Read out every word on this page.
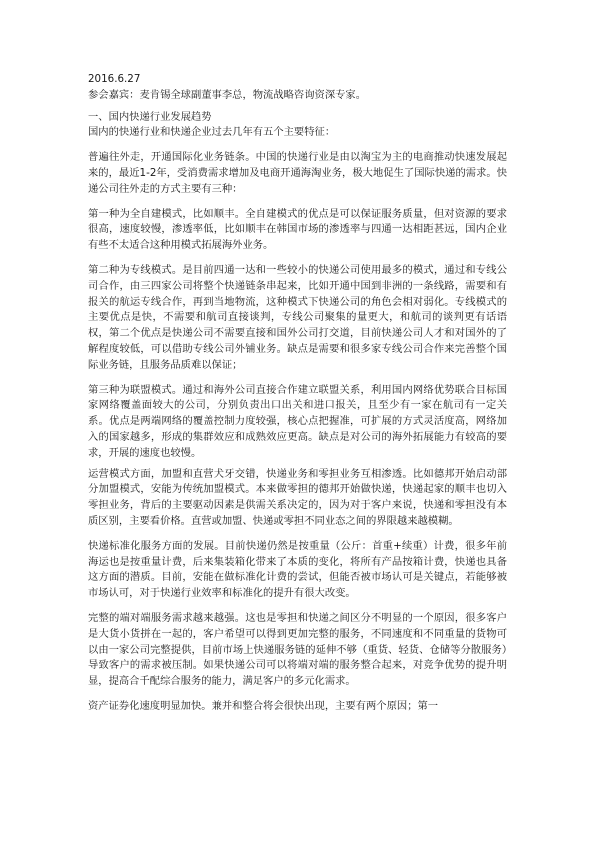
2016.6.27

参会嘉宾：麦肯锡全球副董事李总，物流战略咨询资深专家。

一、国内快递行业发展趋势

国内的快递行业和快递企业过去几年有五个主要特征：

普遍往外走，开通国际化业务链条。中国的快递行业是由以淘宝为主的电商推动快速发展起来的，最近1-2年，受消费需求增加及电商开通海淘业务，极大地促生了国际快递的需求。快递公司往外走的方式主要有三种：

第一种为全自建模式，比如顺丰。全自建模式的优点是可以保证服务质量，但对资源的要求很高，速度较慢，渗透率低，比如顺丰在韩国市场的渗透率与四通一达相距甚远，国内企业有些不太适合这种用模式拓展海外业务。

第二种为专线模式。是目前四通一达和一些较小的快递公司使用最多的模式，通过和专线公司合作，由三四家公司将整个快递链条串起来，比如开通中国到非洲的一条线路，需要和有报关的航运专线合作，再到当地物流，这种模式下快递公司的角色会相对弱化。专线模式的主要优点是快，不需要和航司直接谈判，专线公司聚集的量更大，和航司的谈判更有话语权，第二个优点是快递公司不需要直接和国外公司打交道，目前快递公司人才和对国外的了解程度较低，可以借助专线公司外铺业务。缺点是需要和很多家专线公司合作来完善整个国际业务链，且服务品质难以保证；

第三种为联盟模式。通过和海外公司直接合作建立联盟关系，利用国内网络优势联合目标国家网络覆盖面较大的公司，分别负责出口出关和进口报关，且至少有一家在航司有一定关系。优点是两端网络的覆盖控制力度较强，核心点把握准，可扩展的方式灵活度高，网络加入的国家越多，形成的集群效应和成熟效应更高。缺点是对公司的海外拓展能力有较高的要求，开展的速度也较慢。

运营模式方面，加盟和直营犬牙交错，快递业务和零担业务互相渗透。比如德邦开始启动部分加盟模式，安能为传统加盟模式。本来做零担的德邦开始做快递，快递起家的顺丰也切入零担业务，背后的主要驱动因素是供需关系决定的，因为对于客户来说，快递和零担没有本质区别，主要看价格。直营或加盟、快递或零担不同业态之间的界限越来越模糊。

快递标准化服务方面的发展。目前快递仍然是按重量（公斤：首重+续重）计费，很多年前海运也是按重量计费，后来集装箱化带来了本质的变化，将所有产品按箱计费，快递也具备这方面的潜质。目前，安能在做标准化计费的尝试，但能否被市场认可是关键点，若能够被市场认可，对于快递行业效率和标准化的提升有很大改变。

完整的端对端服务需求越来越强。这也是零担和快递之间区分不明显的一个原因，很多客户是大货小货拼在一起的，客户希望可以得到更加完整的服务，不同速度和不同重量的货物可以由一家公司完整提供，目前市场上快递服务链的延伸不够（重货、轻货、仓储等分散服务）导致客户的需求被压制。如果快递公司可以将端对端的服务整合起来，对竞争优势的提升明显，提高合千配综合服务的能力，满足客户的多元化需求。

资产证券化速度明显加快。兼并和整合将会很快出现，主要有两个原因；第一
